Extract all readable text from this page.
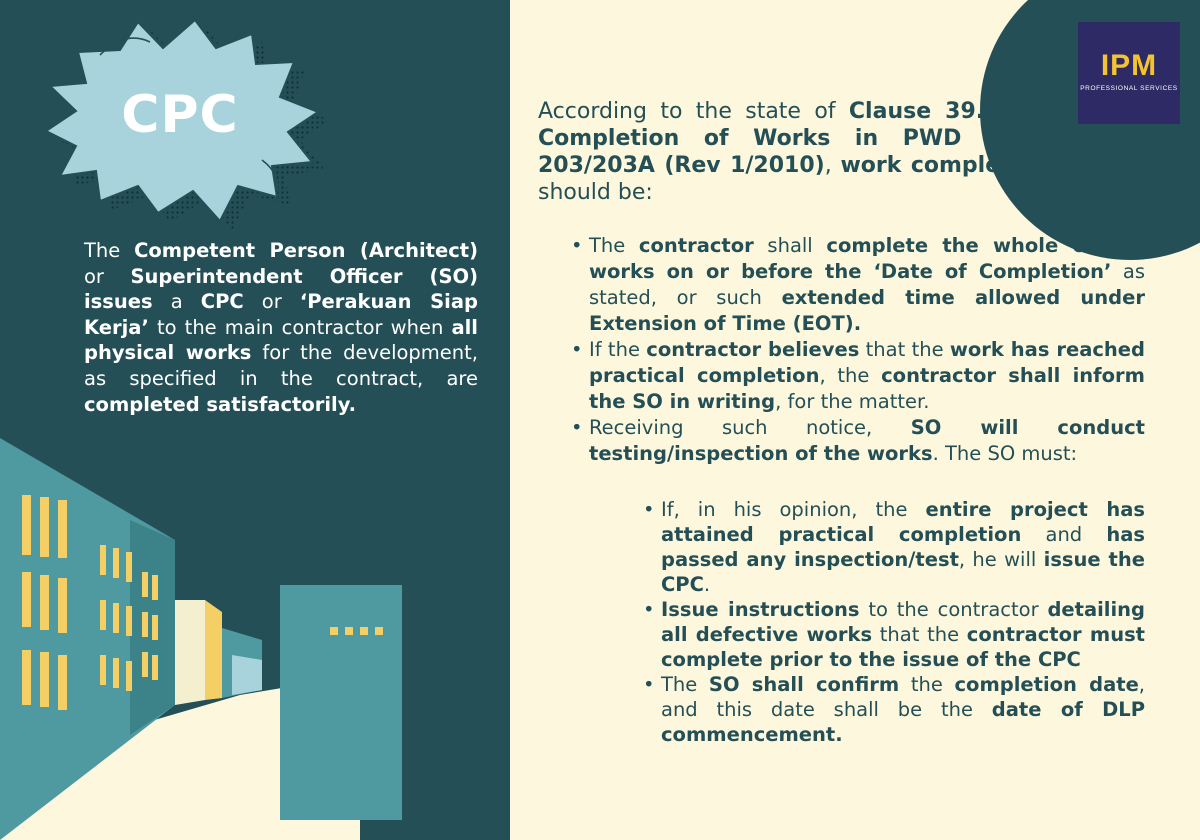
CPC
The Competent Person (Architect) or Superintendent Officer (SO) issues a CPC or ‘Perakuan Siap Kerja’ to the main contractor when all physical works for the development, as specified in the contract, are completed satisfactorily.
IPM
PROFESSIONAL SERVICES
According to the state of Clause 39.0 for Completion of Works in PWD Form 203/203A (Rev 1/2010), work completion should be:
• The contractor shall complete the whole of the works on or before the ‘Date of Completion’ as stated, or such extended time allowed under Extension of Time (EOT).
• If the contractor believes that the work has reached practical completion, the contractor shall inform the SO in writing, for the matter.
• Receiving such notice, SO will conduct testing/inspection of the works. The SO must:
• If, in his opinion, the entire project has attained practical completion and has passed any inspection/test, he will issue the CPC.
• Issue instructions to the contractor detailing all defective works that the contractor must complete prior to the issue of the CPC
• The SO shall confirm the completion date, and this date shall be the date of DLP commencement.
